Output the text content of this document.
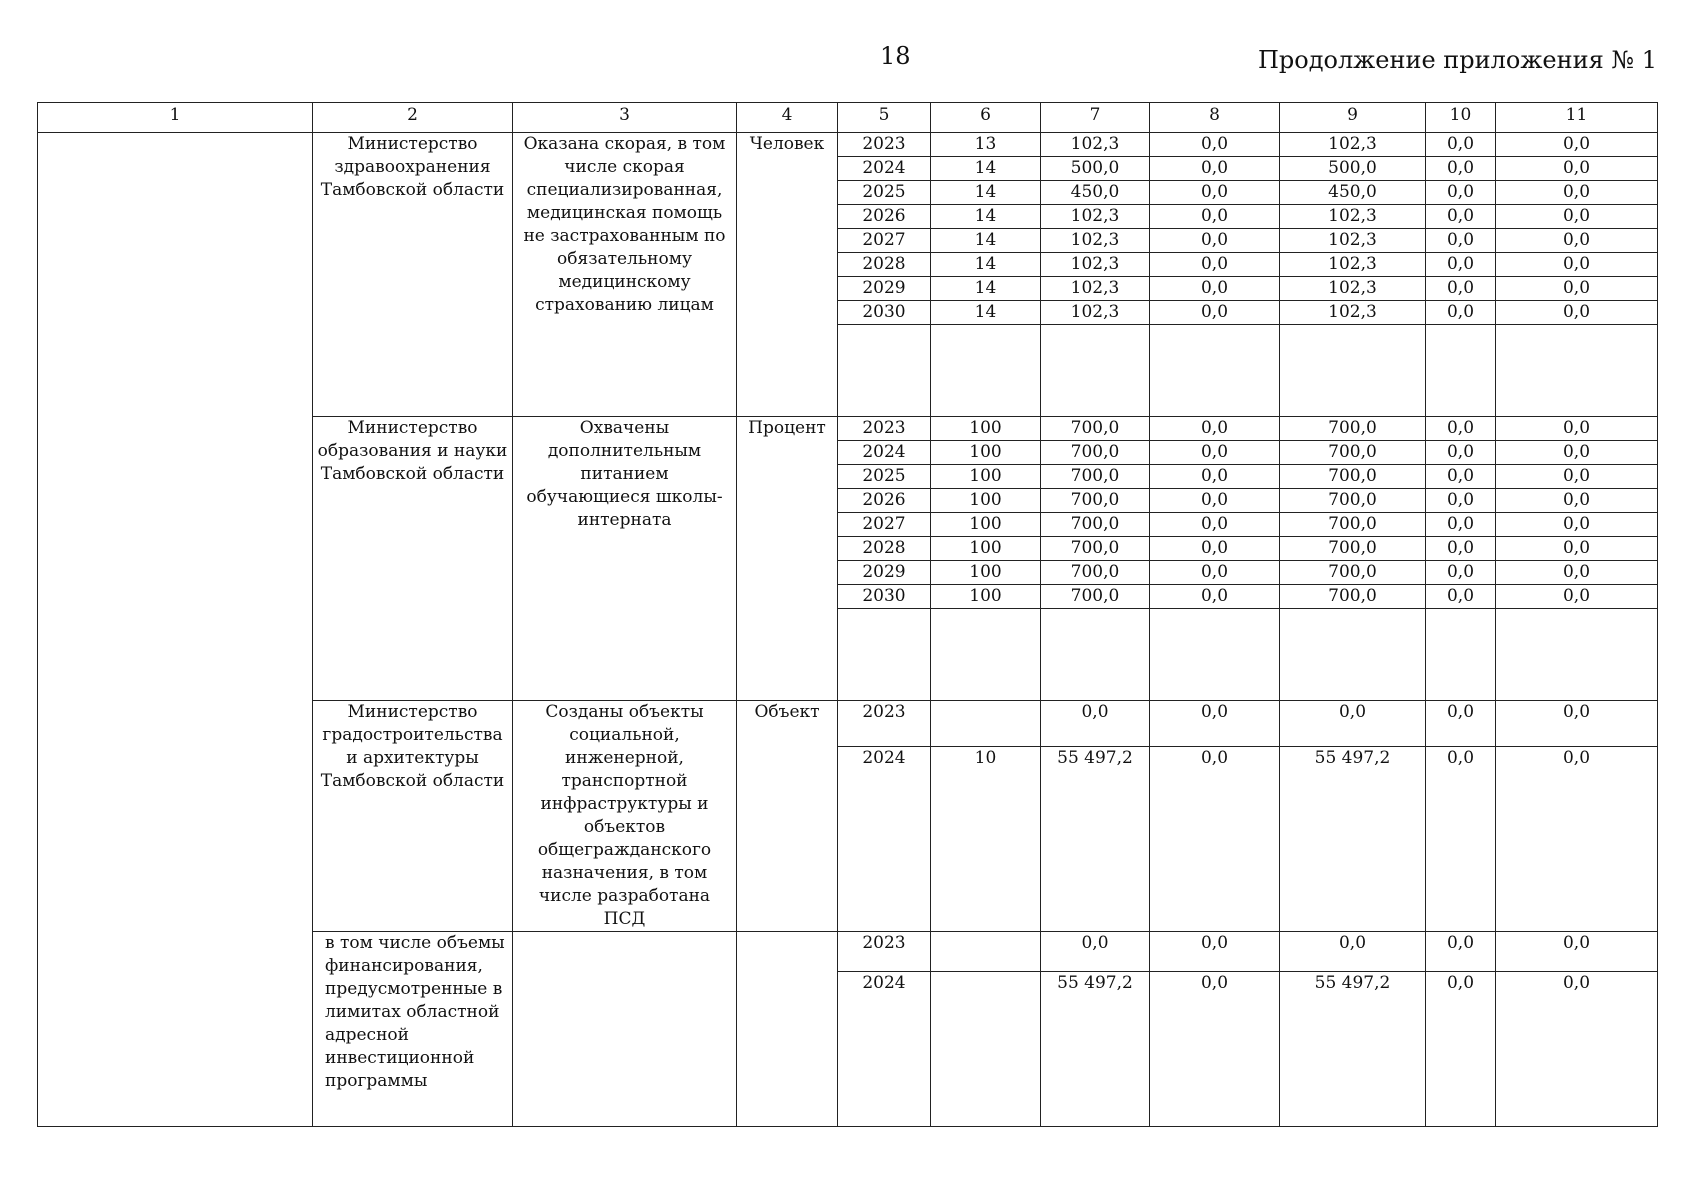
18	Продолжение приложения № 1
1	2	3	4	5	6	7	8	9	10	11
	Министерство здравоохранения Тамбовской области	Оказана скорая, в том числе скорая специализированная, медицинская помощь не застрахованным по обязательному медицинскому страхованию лицам	Человек	2023	13	102,3	0,0	102,3	0,0	0,0
				2024	14	500,0	0,0	500,0	0,0	0,0
				2025	14	450,0	0,0	450,0	0,0	0,0
				2026	14	102,3	0,0	102,3	0,0	0,0
				2027	14	102,3	0,0	102,3	0,0	0,0
				2028	14	102,3	0,0	102,3	0,0	0,0
				2029	14	102,3	0,0	102,3	0,0	0,0
				2030	14	102,3	0,0	102,3	0,0	0,0

	Министерство образования и науки Тамбовской области	Охвачены дополнительным питанием обучающиеся школы-интерната	Процент	2023	100	700,0	0,0	700,0	0,0	0,0
				2024	100	700,0	0,0	700,0	0,0	0,0
				2025	100	700,0	0,0	700,0	0,0	0,0
				2026	100	700,0	0,0	700,0	0,0	0,0
				2027	100	700,0	0,0	700,0	0,0	0,0
				2028	100	700,0	0,0	700,0	0,0	0,0
				2029	100	700,0	0,0	700,0	0,0	0,0
				2030	100	700,0	0,0	700,0	0,0	0,0

	Министерство градостроительства и архитектуры Тамбовской области	Созданы объекты социальной, инженерной, транспортной инфраструктуры и объектов общегражданского назначения, в том числе разработана ПСД	Объект	2023		0,0	0,0	0,0	0,0	0,0
				2024	10	55 497,2	0,0	55 497,2	0,0	0,0
	в том числе объемы финансирования, предусмотренные в лимитах областной адресной инвестиционной программы			2023		0,0	0,0	0,0	0,0	0,0
				2024		55 497,2	0,0	55 497,2	0,0	0,0
